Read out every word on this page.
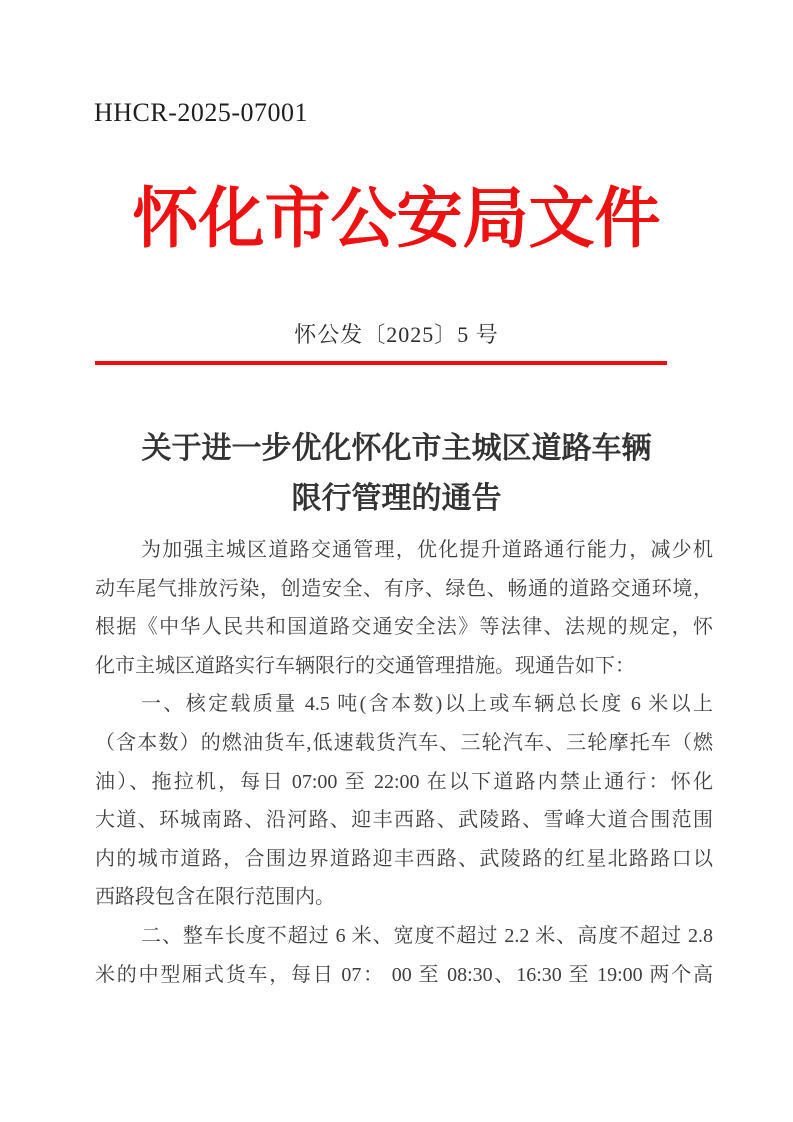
HHCR-2025-07001
怀化市公安局文件
怀公发〔2025〕5 号
关于进一步优化怀化市主城区道路车辆
限行管理的通告
为加强主城区道路交通管理，优化提升道路通行能力，减少机
动车尾气排放污染，创造安全、有序、绿色、畅通的道路交通环境，
根据《中华人民共和国道路交通安全法》等法律、法规的规定，怀
化市主城区道路实行车辆限行的交通管理措施。现通告如下：
一、核定载质量 4.5 吨(含本数)以上或车辆总长度 6 米以上
（含本数）的燃油货车,低速载货汽车、三轮汽车、三轮摩托车（燃
油）、拖拉机，每日 07:00 至 22:00 在以下道路内禁止通行：怀化
大道、环城南路、沿河路、迎丰西路、武陵路、雪峰大道合围范围
内的城市道路，合围边界道路迎丰西路、武陵路的红星北路路口以
西路段包含在限行范围内。
二、整车长度不超过 6 米、宽度不超过 2.2 米、高度不超过 2.8
米的中型厢式货车，每日 07： 00 至 08:30、16:30 至 19:00 两个高
